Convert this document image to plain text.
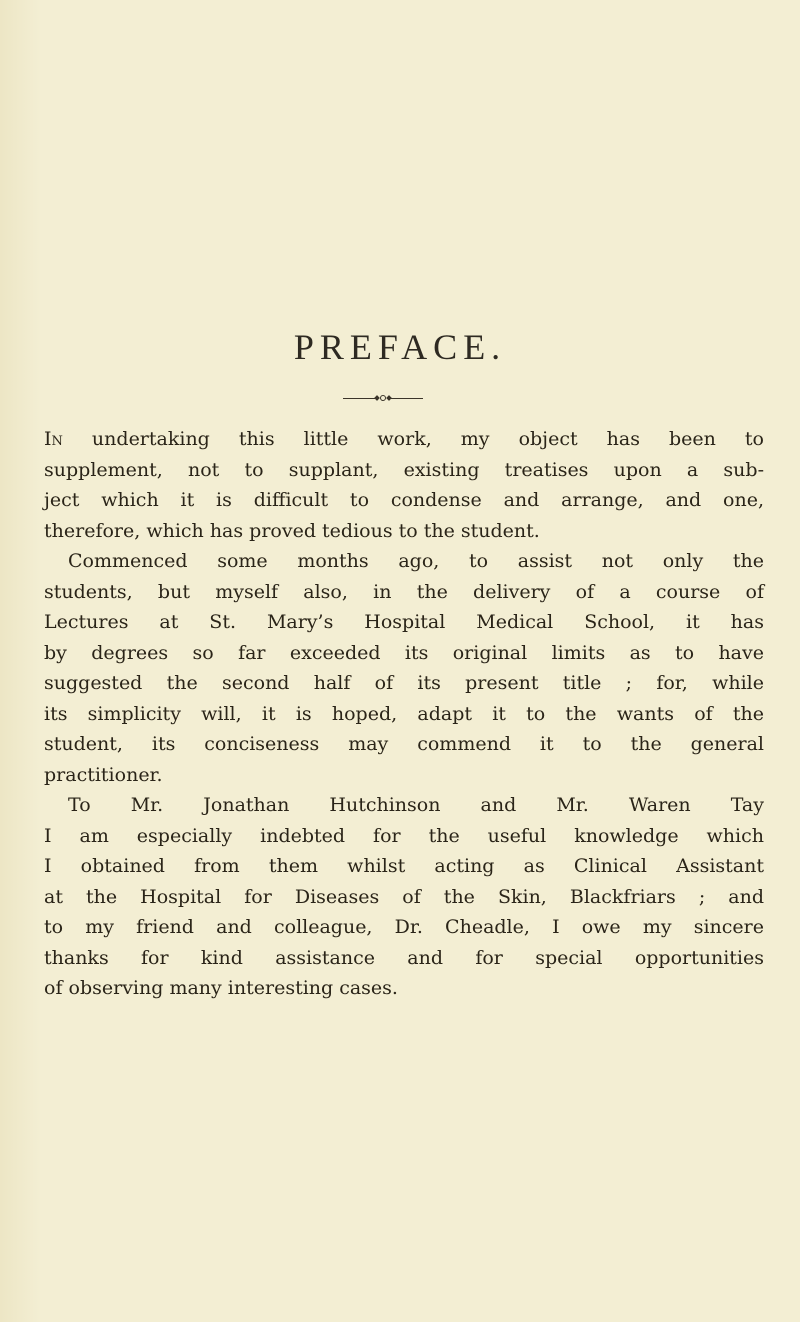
PREFACE.
In undertaking this little work, my object has been to
supplement, not to supplant, existing treatises upon a sub-
ject which it is difficult to condense and arrange, and one,
therefore, which has proved tedious to the student.
Commenced some months ago, to assist not only the
students, but myself also, in the delivery of a course of
Lectures at St. Mary’s Hospital Medical School, it has
by degrees so far exceeded its original limits as to have
suggested the second half of its present title ; for, while
its simplicity will, it is hoped, adapt it to the wants of the
student, its conciseness may commend it to the general
practitioner.
To Mr. Jonathan Hutchinson and Mr. Waren Tay
I am especially indebted for the useful knowledge which
I obtained from them whilst acting as Clinical Assistant
at the Hospital for Diseases of the Skin, Blackfriars ; and
to my friend and colleague, Dr. Cheadle, I owe my sincere
thanks for kind assistance and for special opportunities
of observing many interesting cases.
